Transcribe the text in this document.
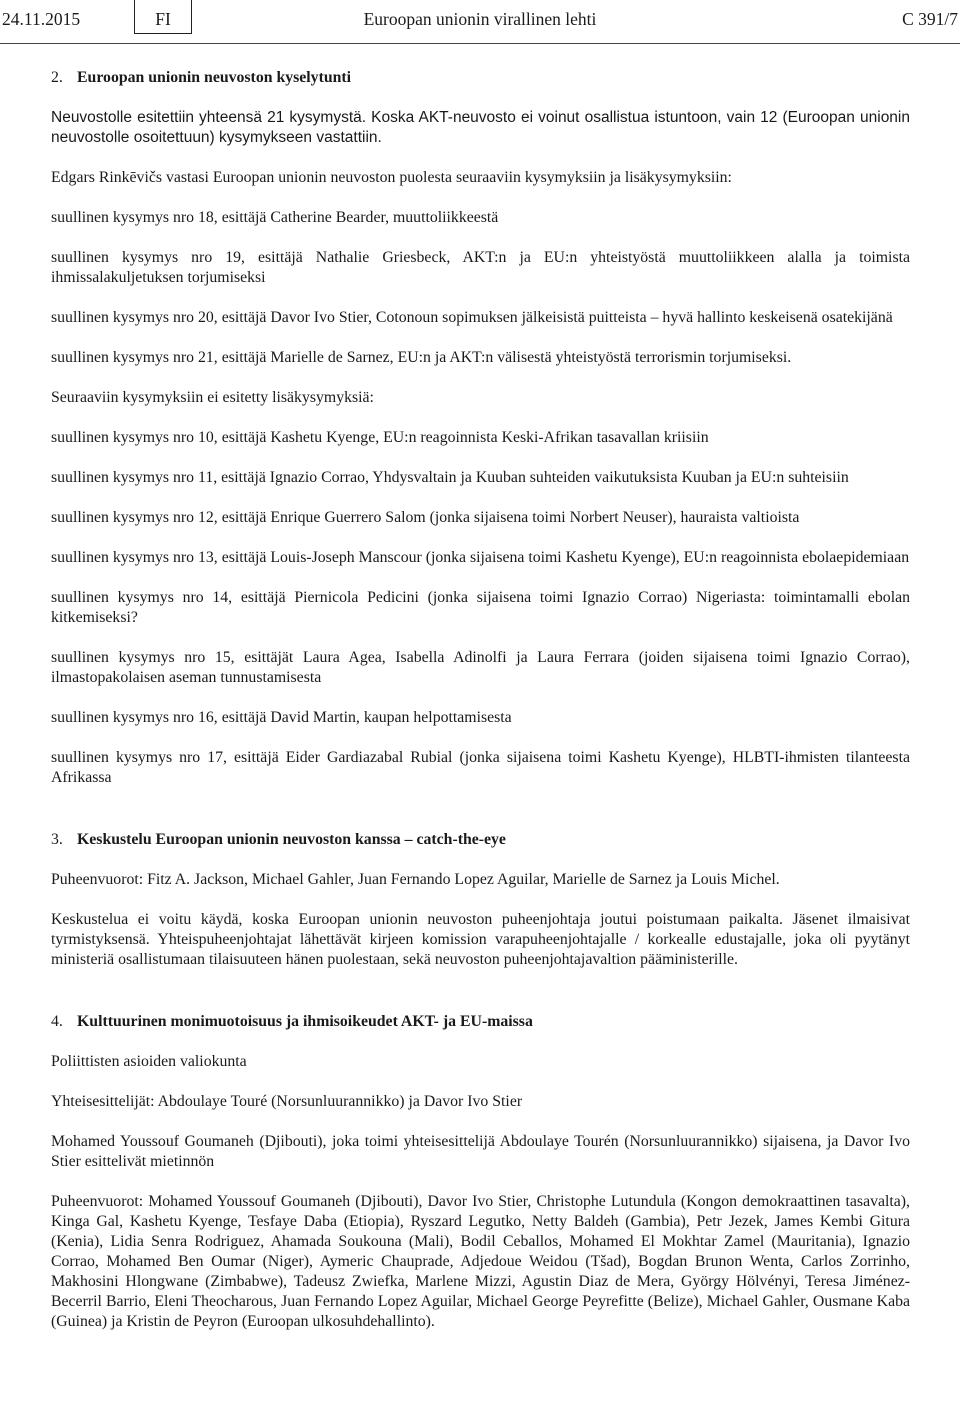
24.11.2015	FI	Euroopan unionin virallinen lehti	C 391/7
2. Euroopan unionin neuvoston kyselytunti

Neuvostolle esitettiin yhteensä 21 kysymystä. Koska AKT-neuvosto ei voinut osallistua istuntoon, vain 12 (Euroopan unionin neuvostolle osoitettuun) kysymykseen vastattiin.

Edgars Rinkēvičs vastasi Euroopan unionin neuvoston puolesta seuraaviin kysymyksiin ja lisäkysymyksiin:

suullinen kysymys nro 18, esittäjä Catherine Bearder, muuttoliikkeestä

suullinen kysymys nro 19, esittäjä Nathalie Griesbeck, AKT:n ja EU:n yhteistyöstä muuttoliikkeen alalla ja toimista ihmissalakuljetuksen torjumiseksi

suullinen kysymys nro 20, esittäjä Davor Ivo Stier, Cotonoun sopimuksen jälkeisistä puitteista – hyvä hallinto keskeisenä osatekijänä

suullinen kysymys nro 21, esittäjä Marielle de Sarnez, EU:n ja AKT:n välisestä yhteistyöstä terrorismin torjumiseksi.

Seuraaviin kysymyksiin ei esitetty lisäkysymyksiä:

suullinen kysymys nro 10, esittäjä Kashetu Kyenge, EU:n reagoinnista Keski-Afrikan tasavallan kriisiin

suullinen kysymys nro 11, esittäjä Ignazio Corrao, Yhdysvaltain ja Kuuban suhteiden vaikutuksista Kuuban ja EU:n suhteisiin

suullinen kysymys nro 12, esittäjä Enrique Guerrero Salom (jonka sijaisena toimi Norbert Neuser), hauraista valtioista

suullinen kysymys nro 13, esittäjä Louis-Joseph Manscour (jonka sijaisena toimi Kashetu Kyenge), EU:n reagoinnista ebolaepidemiaan

suullinen kysymys nro 14, esittäjä Piernicola Pedicini (jonka sijaisena toimi Ignazio Corrao) Nigeriasta: toimintamalli ebolan kitkemiseksi?

suullinen kysymys nro 15, esittäjät Laura Agea, Isabella Adinolfi ja Laura Ferrara (joiden sijaisena toimi Ignazio Corrao), ilmastopakolaisen aseman tunnustamisesta

suullinen kysymys nro 16, esittäjä David Martin, kaupan helpottamisesta

suullinen kysymys nro 17, esittäjä Eider Gardiazabal Rubial (jonka sijaisena toimi Kashetu Kyenge), HLBTI-ihmisten tilanteesta Afrikassa

3. Keskustelu Euroopan unionin neuvoston kanssa – catch-the-eye

Puheenvuorot: Fitz A. Jackson, Michael Gahler, Juan Fernando Lopez Aguilar, Marielle de Sarnez ja Louis Michel.

Keskustelua ei voitu käydä, koska Euroopan unionin neuvoston puheenjohtaja joutui poistumaan paikalta. Jäsenet ilmaisivat tyrmistyksensä. Yhteispuheenjohtajat lähettävät kirjeen komission varapuheenjohtajalle / korkealle edustajalle, joka oli pyytänyt ministeriä osallistumaan tilaisuuteen hänen puolestaan, sekä neuvoston puheenjohtajavaltion pääministerille.

4. Kulttuurinen monimuotoisuus ja ihmisoikeudet AKT- ja EU-maissa

Poliittisten asioiden valiokunta

Yhteisesittelijät: Abdoulaye Touré (Norsunluurannikko) ja Davor Ivo Stier

Mohamed Youssouf Goumaneh (Djibouti), joka toimi yhteisesittelijä Abdoulaye Tourén (Norsunluurannikko) sijaisena, ja Davor Ivo Stier esittelivät mietinnön

Puheenvuorot: Mohamed Youssouf Goumaneh (Djibouti), Davor Ivo Stier, Christophe Lutundula (Kongon demokraattinen tasavalta), Kinga Gal, Kashetu Kyenge, Tesfaye Daba (Etiopia), Ryszard Legutko, Netty Baldeh (Gambia), Petr Jezek, James Kembi Gitura (Kenia), Lidia Senra Rodriguez, Ahamada Soukouna (Mali), Bodil Ceballos, Mohamed El Mokhtar Zamel (Mauritania), Ignazio Corrao, Mohamed Ben Oumar (Niger), Aymeric Chauprade, Adjedoue Weidou (Tšad), Bogdan Brunon Wenta, Carlos Zorrinho, Makhosini Hlongwane (Zimbabwe), Tadeusz Zwiefka, Marlene Mizzi, Agustin Diaz de Mera, György Hölvényi, Teresa Jiménez-Becerril Barrio, Eleni Theocharous, Juan Fernando Lopez Aguilar, Michael George Peyrefitte (Belize), Michael Gahler, Ousmane Kaba (Guinea) ja Kristin de Peyron (Euroopan ulkosuhdehallinto).
